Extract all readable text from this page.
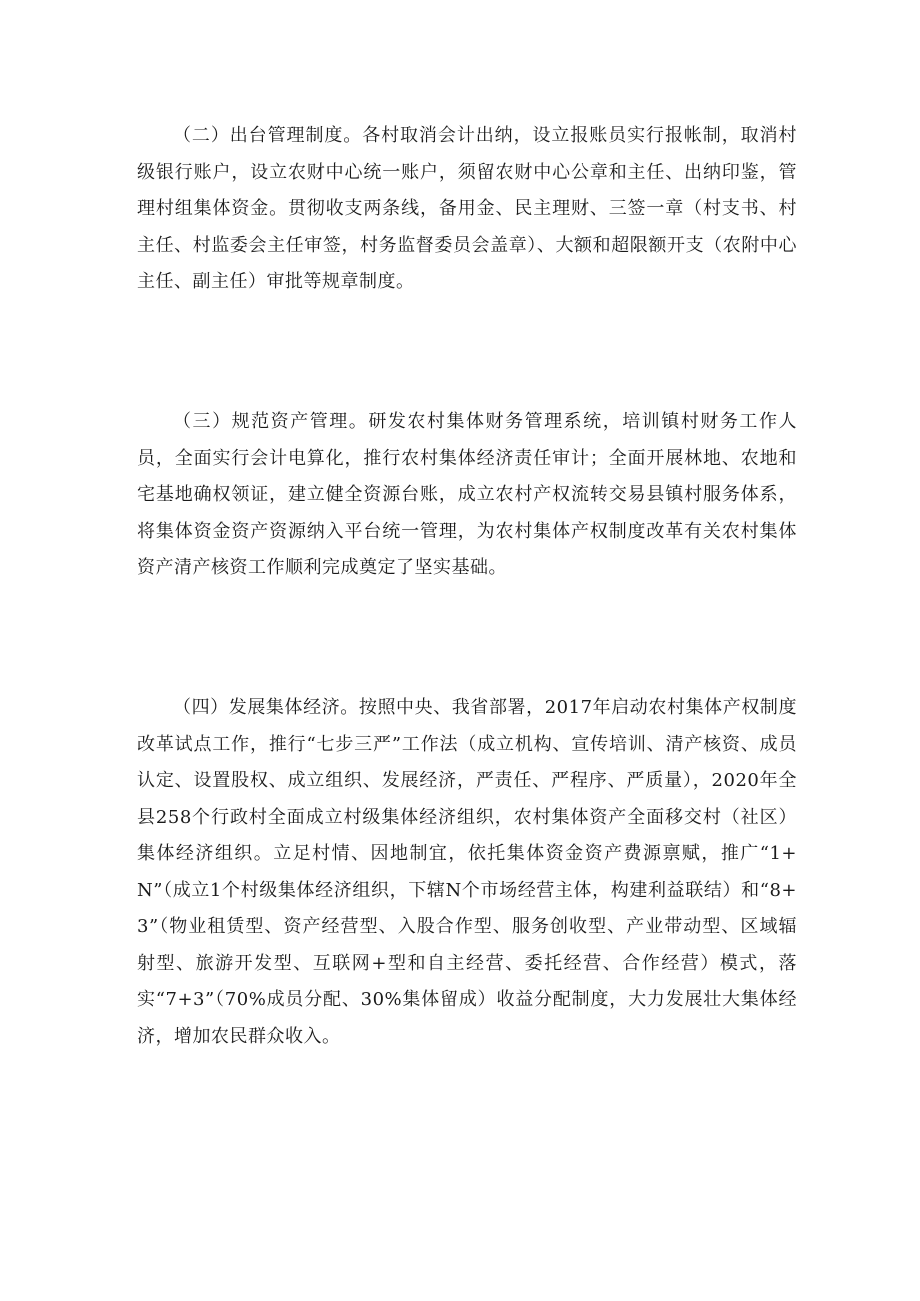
（二）出台管理制度。各村取消会计出纳，设立报账员实行报帐制，取消村级银行账户，设立农财中心统一账户，须留农财中心公章和主任、出纳印鉴，管理村组集体资金。贯彻收支两条线，备用金、民主理财、三签一章（村支书、村主任、村监委会主任审签，村务监督委员会盖章）、大额和超限额开支（农附中心主任、副主任）审批等规章制度。

（三）规范资产管理。研发农村集体财务管理系统，培训镇村财务工作人员，全面实行会计电算化，推行农村集体经济责任审计；全面开展林地、农地和宅基地确权领证，建立健全资源台账，成立农村产权流转交易县镇村服务体系，将集体资金资产资源纳入平台统一管理，为农村集体产权制度改革有关农村集体资产清产核资工作顺利完成奠定了坚实基础。

（四）发展集体经济。按照中央、我省部署，2017年启动农村集体产权制度改革试点工作，推行“七步三严”工作法（成立机构、宣传培训、清产核资、成员认定、设置股权、成立组织、发展经济，严责任、严程序、严质量），2020年全县258个行政村全面成立村级集体经济组织，农村集体资产全面移交村（社区）集体经济组织。立足村情、因地制宜，依托集体资金资产费源禀赋，推广“1+N”（成立1个村级集体经济组织，下辖N个市场经营主体，构建利益联结）和“8+3”（物业租赁型、资产经营型、入股合作型、服务创收型、产业带动型、区域辐射型、旅游开发型、互联网+型和自主经营、委托经营、合作经营）模式，落实“7+3”（70%成员分配、30%集体留成）收益分配制度，大力发展壮大集体经济，增加农民群众收入。
